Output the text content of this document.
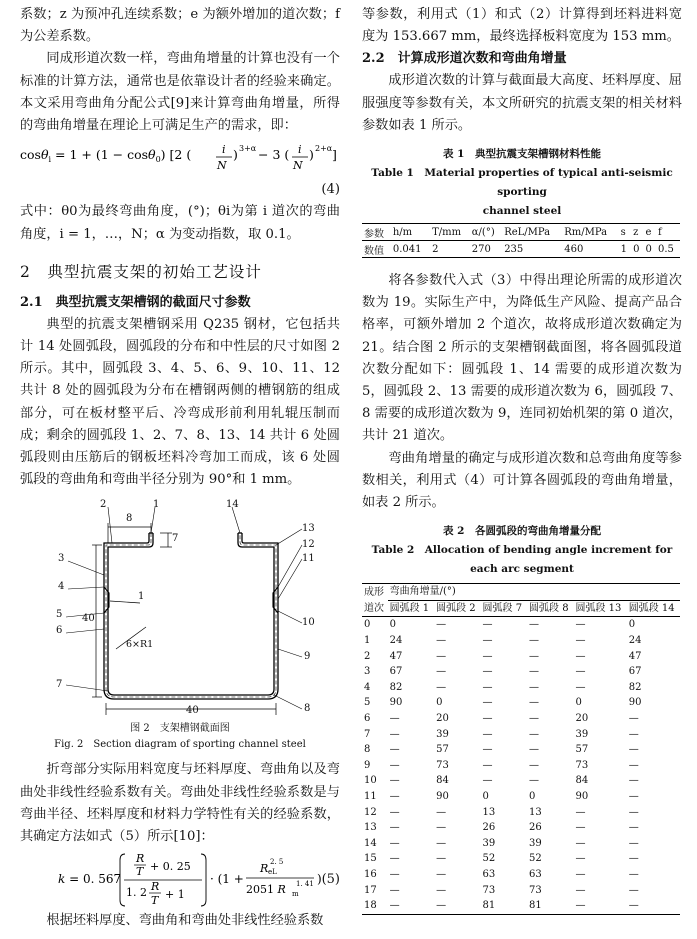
系数；z 为预冲孔连续系数；e 为额外增加的道次数；f 为公差系数。

同成形道次数一样，弯曲角增量的计算也没有一个标准的计算方法，通常也是依靠设计者的经验来确定。本文采用弯曲角分配公式[9]来计算弯曲角增量，所得的弯曲角增量在理论上可满足生产的需求，即：

cosθ$_i$ = 1 + (1 − cosθ$_0$) [2 (	i
N
) 3+α − 3 ( i
N
) 2+α ]
(4)

式中：θ0为最终弯曲角度，(°)；θi为第 i 道次的弯曲角度，i = 1，…，N；α 为变动指数，取 0.1。

2　典型抗震支架的初始工艺设计
2.1　典型抗震支架槽钢的截面尺寸参数

典型的抗震支架槽钢采用 Q235 钢材，它包括共计 14 处圆弧段，圆弧段的分布和中性层的尺寸如图 2 所示。其中，圆弧段 3、4、5、6、9、10、11、12 共计 8 处的圆弧段为分布在槽钢两侧的槽钢筋的组成部分，可在板材整平后、冷弯成形前利用轧辊压制而成；剩余的圆弧段 1、2、7、8、13、14 共计 6 处圆弧段则由压筋后的钢板坯料冷弯加工而成，该 6 处圆弧段的弯曲角和弯曲半径分别为 90°和 1 mm。

2	1
3
4
5
6
7
8
9
10
11
12
13
14
8
7
40
40
6×R1
1
图 2　支架槽钢截面图
Fig. 2　Section diagram of sporting channel steel

折弯部分实际用料宽度与坯料厚度、弯曲角以及弯曲处非线性经验系数有关。弯曲处非线性经验系数是与弯曲半径、坯料厚度和材料力学特性有关的经验系数，其确定方法如式（5）所示[10]：

k = 0. 567
R
T + 0. 25
1. 2 R
T + 1
· (1 +
R eL
2. 5
2051 R m
1. 41 ) (5)

根据坯料厚度、弯曲角和弯曲处非线性经验系数

等参数，利用式（1）和式（2）计算得到坯料进料宽度为 153.667 mm，最终选择板料宽度为 153 mm。

2.2　计算成形道次数和弯曲角增量

成形道次数的计算与截面最大高度、坯料厚度、屈服强度等参数有关，本文所研究的抗震支架的相关材料参数如表 1 所示。

表 1　典型抗震支架槽钢材料性能
Table 1　Material properties of typical anti-seismic sporting
channel steel
参数	h/m	T/mm	α/(°)	ReL/MPa	Rm/MPa	s	z	e	f
数值	0.041	2	270	235	460	1	0	0	0.5

将各参数代入式（3）中得出理论所需的成形道次数为 19。实际生产中，为降低生产风险、提高产品合格率，可额外增加 2 个道次，故将成形道次数确定为 21。结合图 2 所示的支架槽钢截面图，将各圆弧段道次数分配如下：圆弧段 1、14 需要的成形道次数为 5，圆弧段 2、13 需要的成形道次数为 6，圆弧段 7、8 需要的成形道次数为 9，连同初始机架的第 0 道次，共计 21 道次。

弯曲角增量的确定与成形道次数和总弯曲角度等参数相关，利用式（4）可计算各圆弧段的弯曲角增量，如表 2 所示。

表 2　各圆弧段的弯曲角增量分配
Table 2　Allocation of bending angle increment for
each arc segment
成形	弯曲角增量/(°)					
道次	圆弧段 1	圆弧段 2	圆弧段 7	圆弧段 8	圆弧段 13	圆弧段 14
0	0	—	—	—	—	0
1	24	—	—	—	—	24
2	47	—	—	—	—	47
3	67	—	—	—	—	67
4	82	—	—	—	—	82
5	90	0	—	—	0	90
6	—	20	—	—	20	—
7	—	39	—	—	39	—
8	—	57	—	—	57	—
9	—	73	—	—	73	—
10	—	84	—	—	84	—
11	—	90	0	0	90	—
12	—	—	13	13	—	—
13	—	—	26	26	—	—
14	—	—	39	39	—	—
15	—	—	52	52	—	—
16	—	—	63	63	—	—
17	—	—	73	73	—	—
18	—	—	81	81	—	—
